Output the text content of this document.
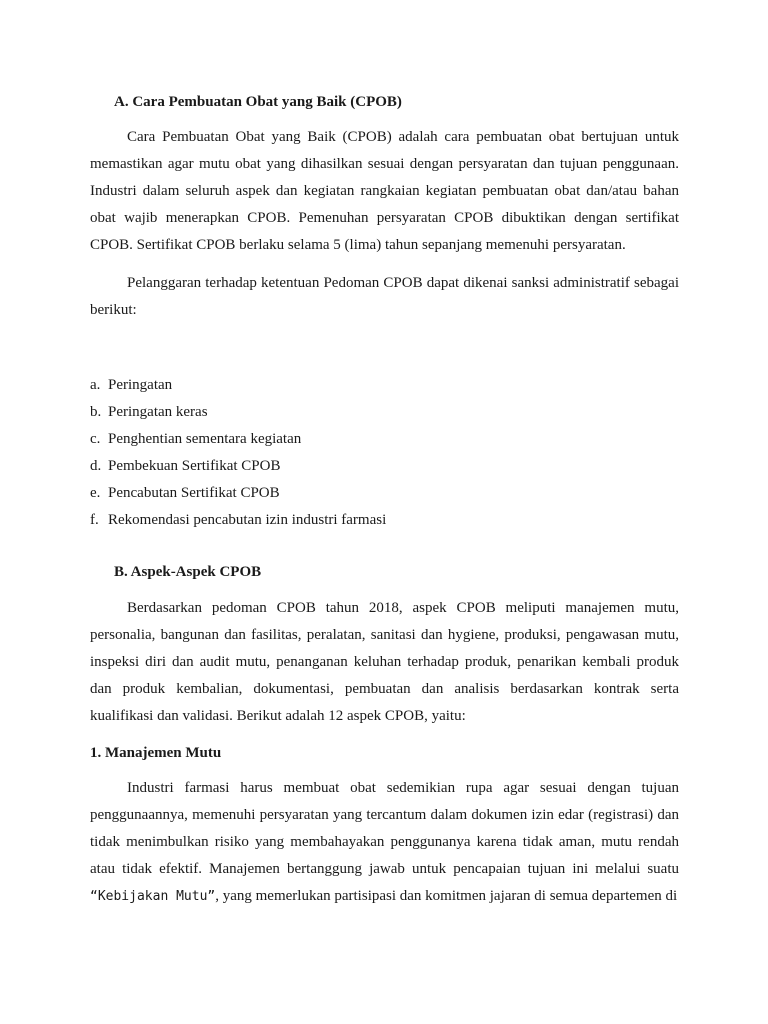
A. Cara Pembuatan Obat yang Baik (CPOB)

Cara Pembuatan Obat yang Baik (CPOB) adalah cara pembuatan obat bertujuan untuk memastikan agar mutu obat yang dihasilkan sesuai dengan persyaratan dan tujuan penggunaan. Industri dalam seluruh aspek dan kegiatan rangkaian kegiatan pembuatan obat dan/atau bahan obat wajib menerapkan CPOB. Pemenuhan persyaratan CPOB dibuktikan dengan sertifikat CPOB. Sertifikat CPOB berlaku selama 5 (lima) tahun sepanjang memenuhi persyaratan.

Pelanggaran terhadap ketentuan Pedoman CPOB dapat dikenai sanksi administratif sebagai berikut:

a. Peringatan
b. Peringatan keras
c. Penghentian sementara kegiatan
d. Pembekuan Sertifikat CPOB
e. Pencabutan Sertifikat CPOB
f. Rekomendasi pencabutan izin industri farmasi
B. Aspek-Aspek CPOB

Berdasarkan pedoman CPOB tahun 2018, aspek CPOB meliputi manajemen mutu, personalia, bangunan dan fasilitas, peralatan, sanitasi dan hygiene, produksi, pengawasan mutu, inspeksi diri dan audit mutu, penanganan keluhan terhadap produk, penarikan kembali produk dan produk kembalian, dokumentasi, pembuatan dan analisis berdasarkan kontrak serta kualifikasi dan validasi. Berikut adalah 12 aspek CPOB, yaitu:

1. Manajemen Mutu

Industri farmasi harus membuat obat sedemikian rupa agar sesuai dengan tujuan penggunaannya, memenuhi persyaratan yang tercantum dalam dokumen izin edar (registrasi) dan tidak menimbulkan risiko yang membahayakan penggunanya karena tidak aman, mutu rendah atau tidak efektif. Manajemen bertanggung jawab untuk pencapaian tujuan ini melalui suatu “Kebijakan Mutu”, yang memerlukan partisipasi dan komitmen jajaran di semua departemen di
